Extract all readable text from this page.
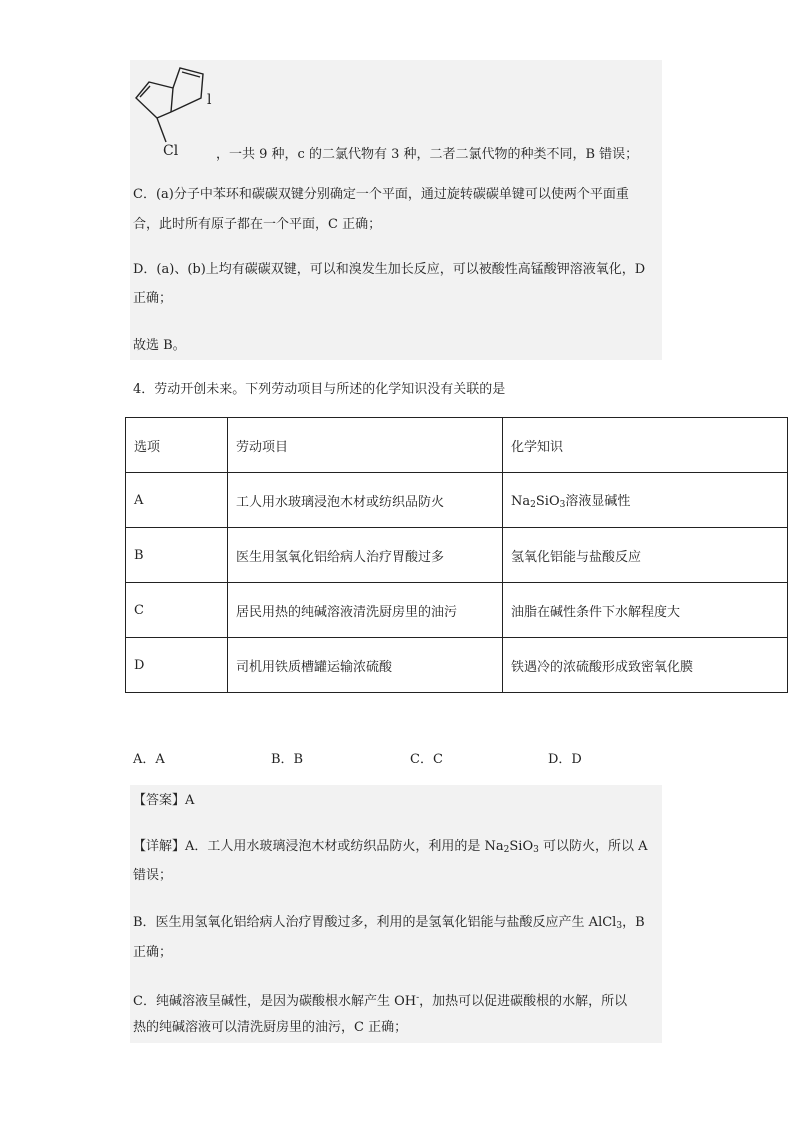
l
Cl	，一共 9 种，c 的二氯代物有 3 种，二者二氯代物的种类不同，B 错误；
C．(a)分子中苯环和碳碳双键分别确定一个平面，通过旋转碳碳单键可以使两个平面重
合，此时所有原子都在一个平面，C 正确；
D．(a)、(b)上均有碳碳双键，可以和溴发生加长反应，可以被酸性高锰酸钾溶液氧化，D
正确；
故选 B。
4．劳动开创未来。下列劳动项目与所述的化学知识没有关联的是
选项	劳动项目	化学知识
A	工人用水玻璃浸泡木材或纺织品防火	$Na_2SiO_3$溶液显碱性
B	医生用氢氧化铝给病人治疗胃酸过多	氢氧化铝能与盐酸反应
C	居民用热的纯碱溶液清洗厨房里的油污	油脂在碱性条件下水解程度大
D	司机用铁质槽罐运输浓硫酸	铁遇冷的浓硫酸形成致密氧化膜
A．A	B．B	C．C	D．D
【答案】A
【详解】A．工人用水玻璃浸泡木材或纺织品防火，利用的是 $Na_2SiO_3$ 可以防火，所以 A
错误；
B．医生用氢氧化铝给病人治疗胃酸过多，利用的是氢氧化铝能与盐酸反应产生 AlCl$_3$，B
正确；
C．纯碱溶液呈碱性，是因为碳酸根水解产生 OH-，加热可以促进碳酸根的水解，所以
热的纯碱溶液可以清洗厨房里的油污，C 正确；
